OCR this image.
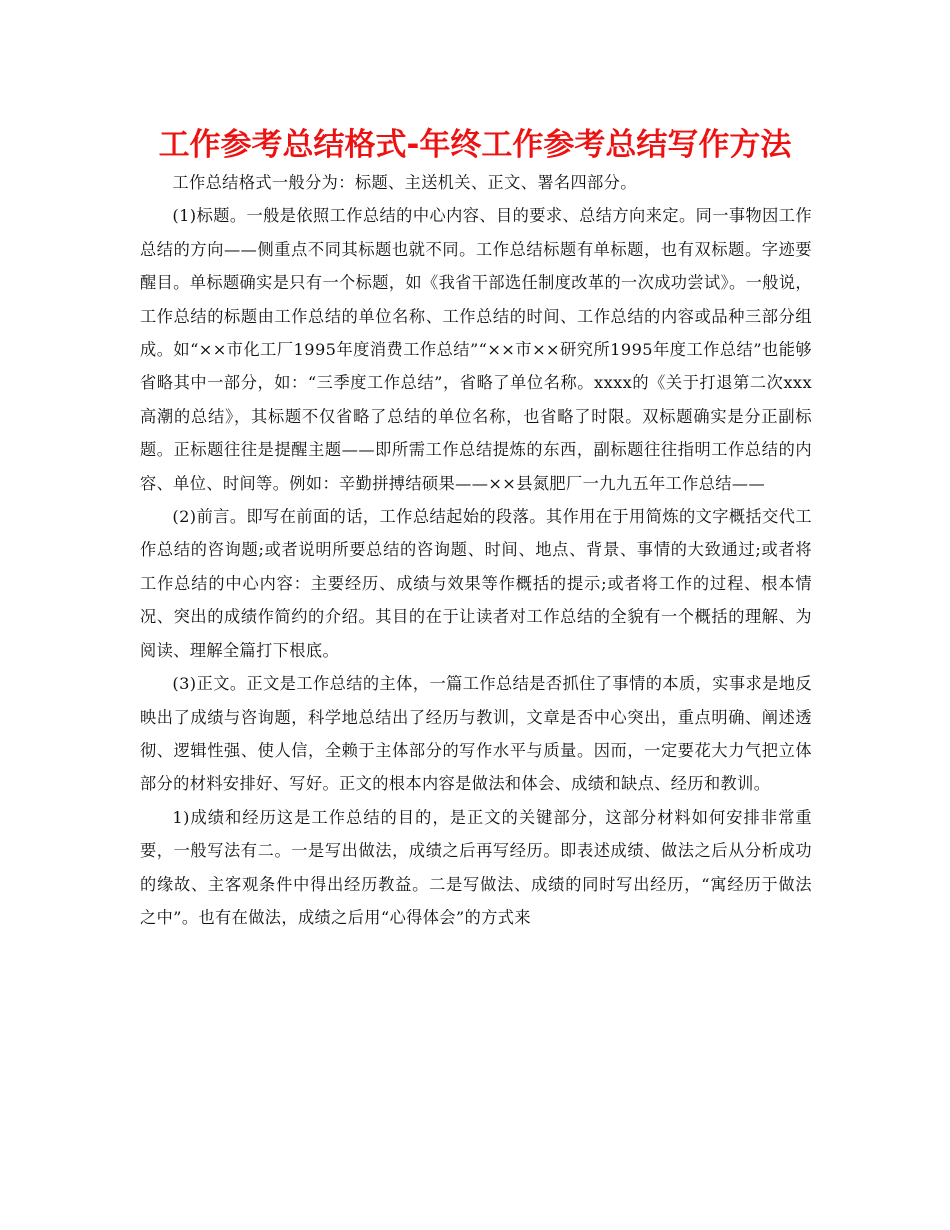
工作参考总结格式-年终工作参考总结写作方法

工作总结格式一般分为：标题、主送机关、正文、署名四部分。

(1)标题。一般是依照工作总结的中心内容、目的要求、总结方向来定。同一事物因工作总结的方向——侧重点不同其标题也就不同。工作总结标题有单标题，也有双标题。字迹要醒目。单标题确实是只有一个标题，如《我省干部选任制度改革的一次成功尝试》。一般说，工作总结的标题由工作总结的单位名称、工作总结的时间、工作总结的内容或品种三部分组成。如“××市化工厂1995年度消费工作总结”“××市××研究所1995年度工作总结”也能够省略其中一部分，如：“三季度工作总结”，省略了单位名称。xxxx的《关于打退第二次xxx高潮的总结》，其标题不仅省略了总结的单位名称，也省略了时限。双标题确实是分正副标题。正标题往往是提醒主题——即所需工作总结提炼的东西，副标题往往指明工作总结的内容、单位、时间等。例如：辛勤拼搏结硕果——××县氮肥厂一九九五年工作总结——

(2)前言。即写在前面的话，工作总结起始的段落。其作用在于用简炼的文字概括交代工作总结的咨询题;或者说明所要总结的咨询题、时间、地点、背景、事情的大致通过;或者将工作总结的中心内容：主要经历、成绩与效果等作概括的提示;或者将工作的过程、根本情况、突出的成绩作简约的介绍。其目的在于让读者对工作总结的全貌有一个概括的理解、为阅读、理解全篇打下根底。

(3)正文。正文是工作总结的主体，一篇工作总结是否抓住了事情的本质，实事求是地反映出了成绩与咨询题，科学地总结出了经历与教训，文章是否中心突出，重点明确、阐述透彻、逻辑性强、使人信，全赖于主体部分的写作水平与质量。因而，一定要花大力气把立体部分的材料安排好、写好。正文的根本内容是做法和体会、成绩和缺点、经历和教训。

1)成绩和经历这是工作总结的目的，是正文的关键部分，这部分材料如何安排非常重要，一般写法有二。一是写出做法，成绩之后再写经历。即表述成绩、做法之后从分析成功的缘故、主客观条件中得出经历教益。二是写做法、成绩的同时写出经历，“寓经历于做法之中”。也有在做法，成绩之后用“心得体会”的方式来
